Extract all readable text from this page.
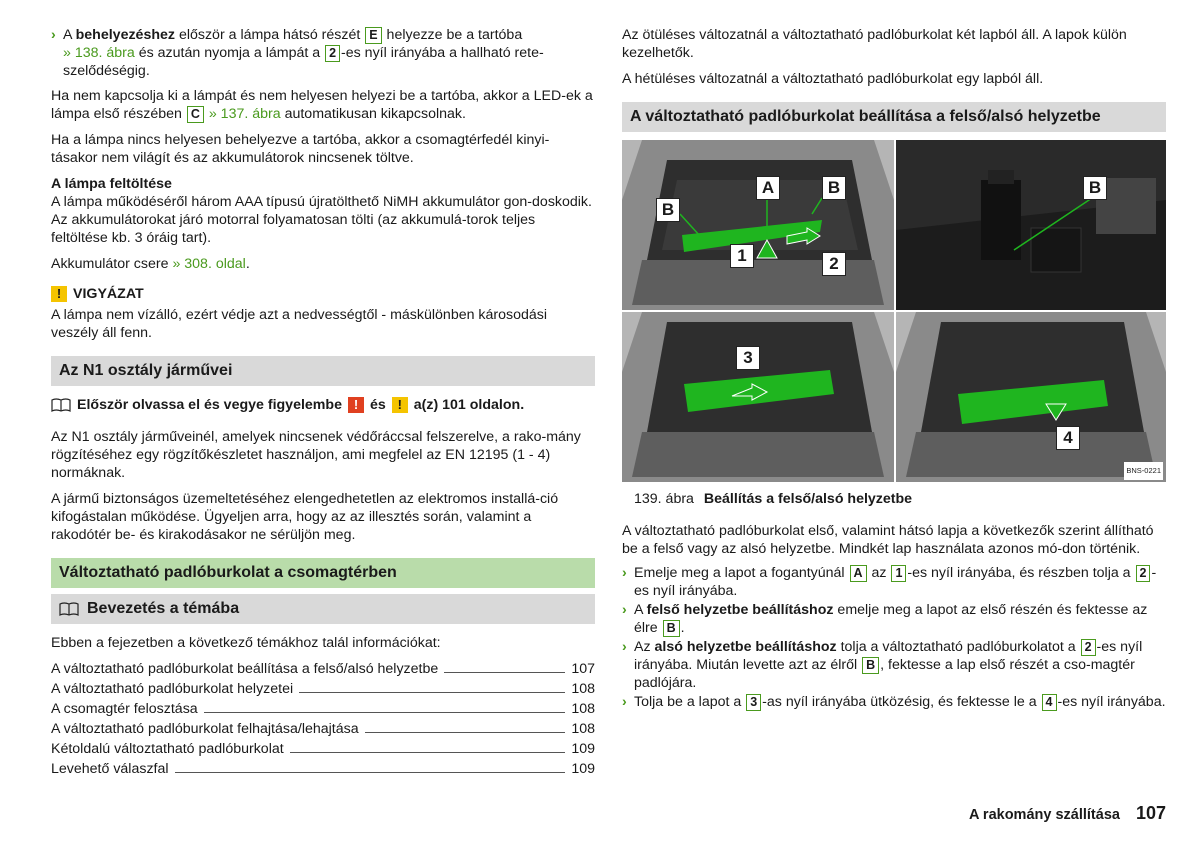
› A behelyezéshez először a lámpa hátsó részét E helyezze be a tartóba
» 138. ábra és azután nyomja a lámpát a 2 -es nyíl irányába a hallható rete-szelődéségig.

Ha nem kapcsolja ki a lámpát és nem helyesen helyezi be a tartóba, akkor a LED-ek a lámpa első részében C » 137. ábra automatikusan kikapcsolnak.

Ha a lámpa nincs helyesen behelyezve a tartóba, akkor a csomagtérfedél kinyi-tásakor nem világít és az akkumulátorok nincsenek töltve.

A lámpa feltöltése

A lámpa működéséről három AAA típusú újratölthető NiMH akkumulátor gon-doskodik. Az akkumulátorokat járó motorral folyamatosan tölti (az akkumulá-torok teljes feltöltése kb. 3 óráig tart).

Akkumulátor csere » 308. oldal.

! VIGYÁZAT

A lámpa nem vízálló, ezért védje azt a nedvességtől - máskülönben károsodási veszély áll fenn.

Az N1 osztály járművei
Először olvassa el és vegye figyelembe ! és ! a(z) 101 oldalon.

Az N1 osztály járműveinél, amelyek nincsenek védőráccsal felszerelve, a rako-mány rögzítéséhez egy rögzítőkészletet használjon, ami megfelel az EN 12195 (1 - 4) normáknak.

A jármű biztonságos üzemeltetéséhez elengedhetetlen az elektromos installá-ció kifogástalan működése. Ügyeljen arra, hogy az az illesztés során, valamint a rakodótér be- és kirakodásakor ne sérüljön meg.

Változtatható padlóburkolat a csomagtérben
Bevezetés a témába

Ebben a fejezetben a következő témákhoz talál információkat:

A változtatható padlóburkolat beállítása a felső/alsó helyzetbe	107
A változtatható padlóburkolat helyzetei	108
A csomagtér felosztása	108
A változtatható padlóburkolat felhajtása/lehajtása	108
Kétoldalú változtatható padlóburkolat	109
Levehető válaszfal	109

Az ötüléses változatnál a változtatható padlóburkolat két lapból áll. A lapok külön kezelhetők.

A hétüléses változatnál a változtatható padlóburkolat egy lapból áll.

A változtatható padlóburkolat beállítása a felső/alsó helyzetbe
A
B
B
1	2
B
3
4
BNS-0221
139. ábra Beállítás a felső/alsó helyzetbe

A változtatható padlóburkolat első, valamint hátsó lapja a következők szerint állítható be a felső vagy az alsó helyzetbe. Mindkét lap használata azonos mó-don történik.

› Emelje meg a lapot a fogantyúnál A az 1 -es nyíl irányába, és részben tolja a 2 -es nyíl irányába.
› A felső helyzetbe beállításhoz emelje meg a lapot az első részén és fektesse az élre B .
› Az alsó helyzetbe beállításhoz tolja a változtatható padlóburkolatot a 2 -es nyíl irányába. Miután levette azt az élről B , fektesse a lap első részét a cso-magtér padlójára.
› Tolja be a lapot a 3 -as nyíl irányába ütközésig, és fektesse le a 4 -es nyíl irányába.
A rakomány szállítása 107
